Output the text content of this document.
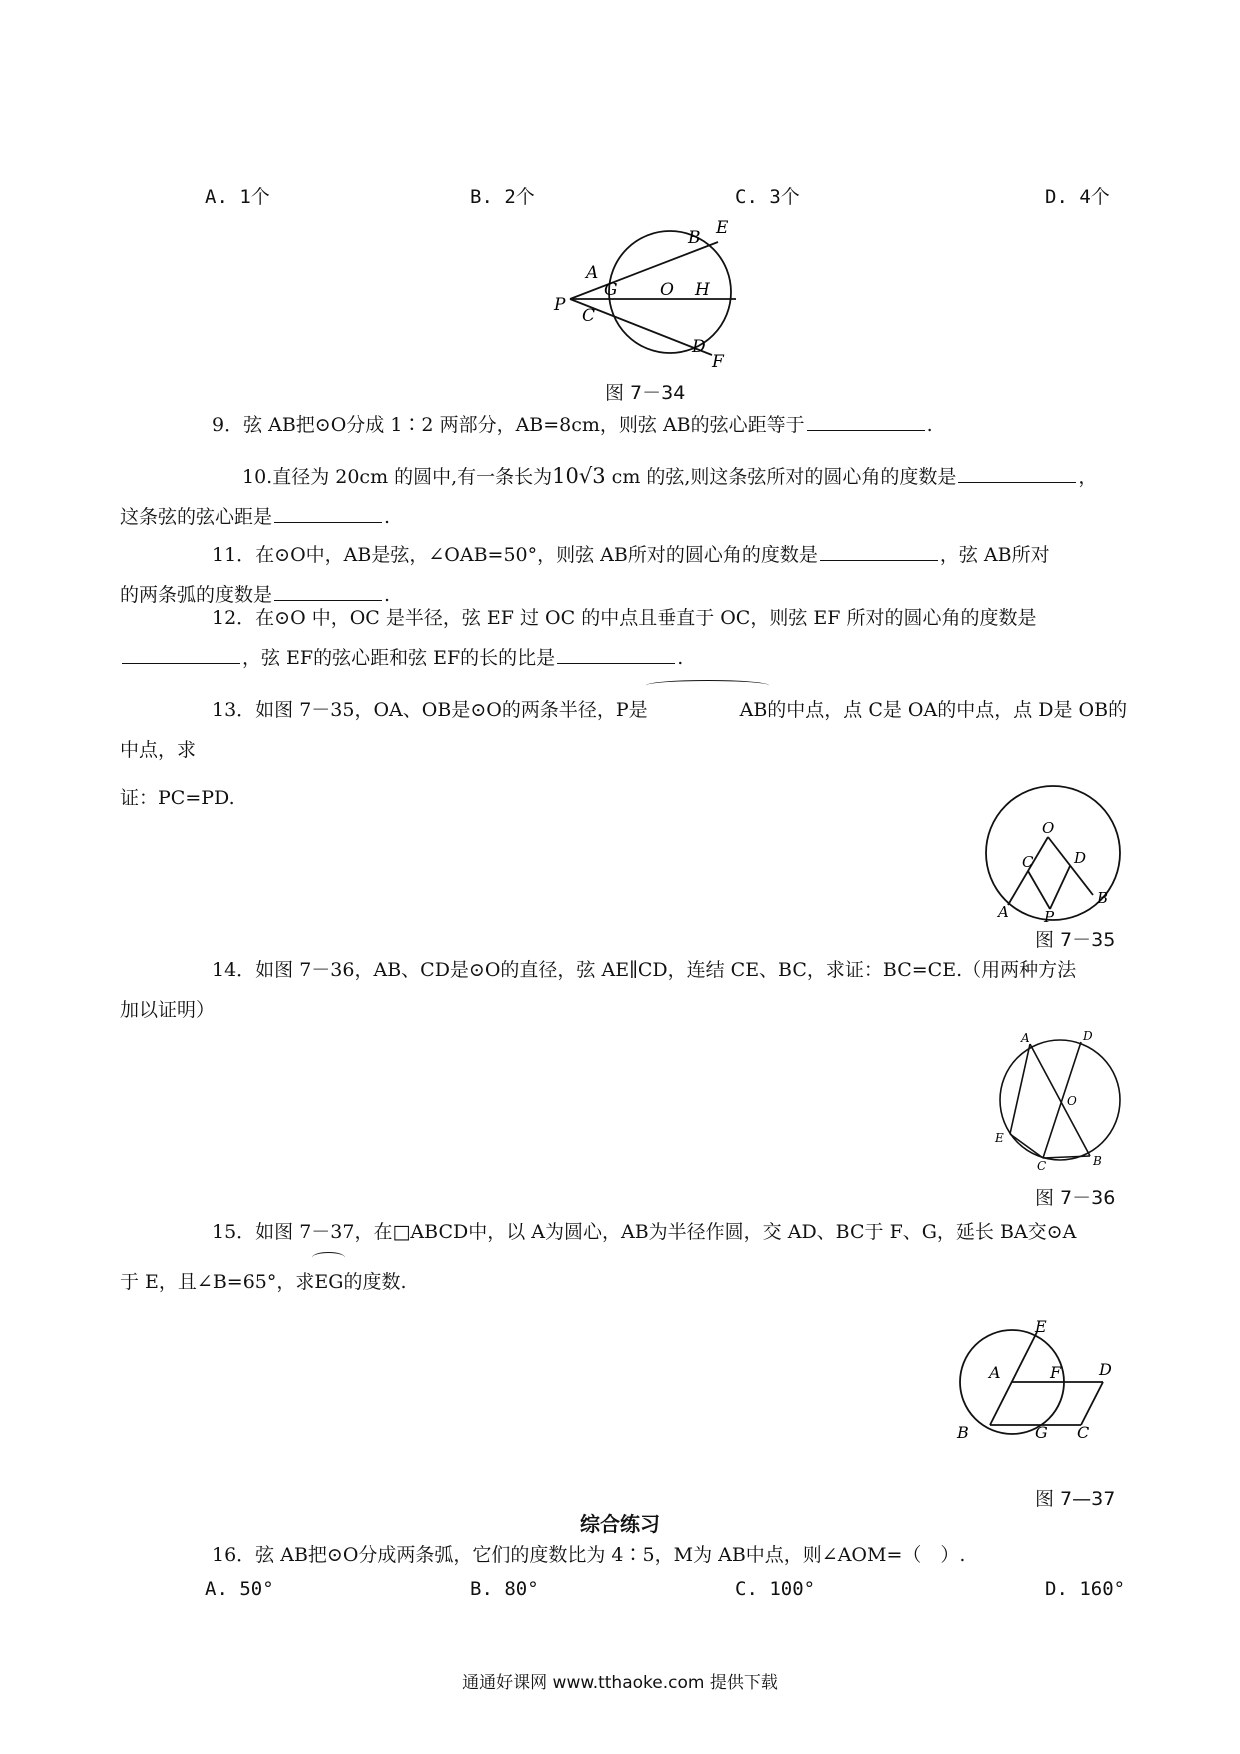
A. 1个	B. 2个	C. 3个	D. 4个
B E
A
G O H
P
C
D
F
图 7－34

9．弦 AB把⊙O分成 1∶2 两部分，AB=8cm，则弦 AB的弦心距等于	.

10.直径为 20cm 的圆中,有一条长为10√3 cm 的弦,则这条弦所对的圆心角的度数是	，

这条弦的弦心距是	.

11．在⊙O中，AB是弦，∠OAB=50°，则弦 AB所对的圆心角的度数是	，弦 AB所对

的两条弧的度数是	.

12．在⊙O 中，OC 是半径，弦 EF 过 OC 的中点且垂直于 OC，则弦 EF 所对的圆心角的度数是

，弦 EF的弦心距和弦 EF的长的比是	.

13．如图 7－35，OA、OB是⊙O的两条半径，P是	AB的中点，点 C是 OA的中点，点 D是 OB的中点，求

证：PC=PD.

O
C	D
A P
B
图 7－35

14．如图 7－36，AB、CD是⊙O的直径，弦 AE∥CD，连结 CE、BC，求证：BC=CE.（用两种方法

加以证明）

A	D
O
E
C	B
图 7－36

15．如图 7－37，在□ABCD中，以 A为圆心，AB为半径作圆，交 AD、BC于 F、G，延长 BA交⊙A

于 E，且∠B=65°，求EG的度数.

E
A	F D
B	G C
图 7—37
综合练习

16．弦 AB把⊙O分成两条弧，它们的度数比为 4∶5，M为 AB中点，则∠AOM=（　）.

A. 50°	B. 80°	C. 100°	D. 160°
通通好课网 www.tthaoke.com 提供下载
